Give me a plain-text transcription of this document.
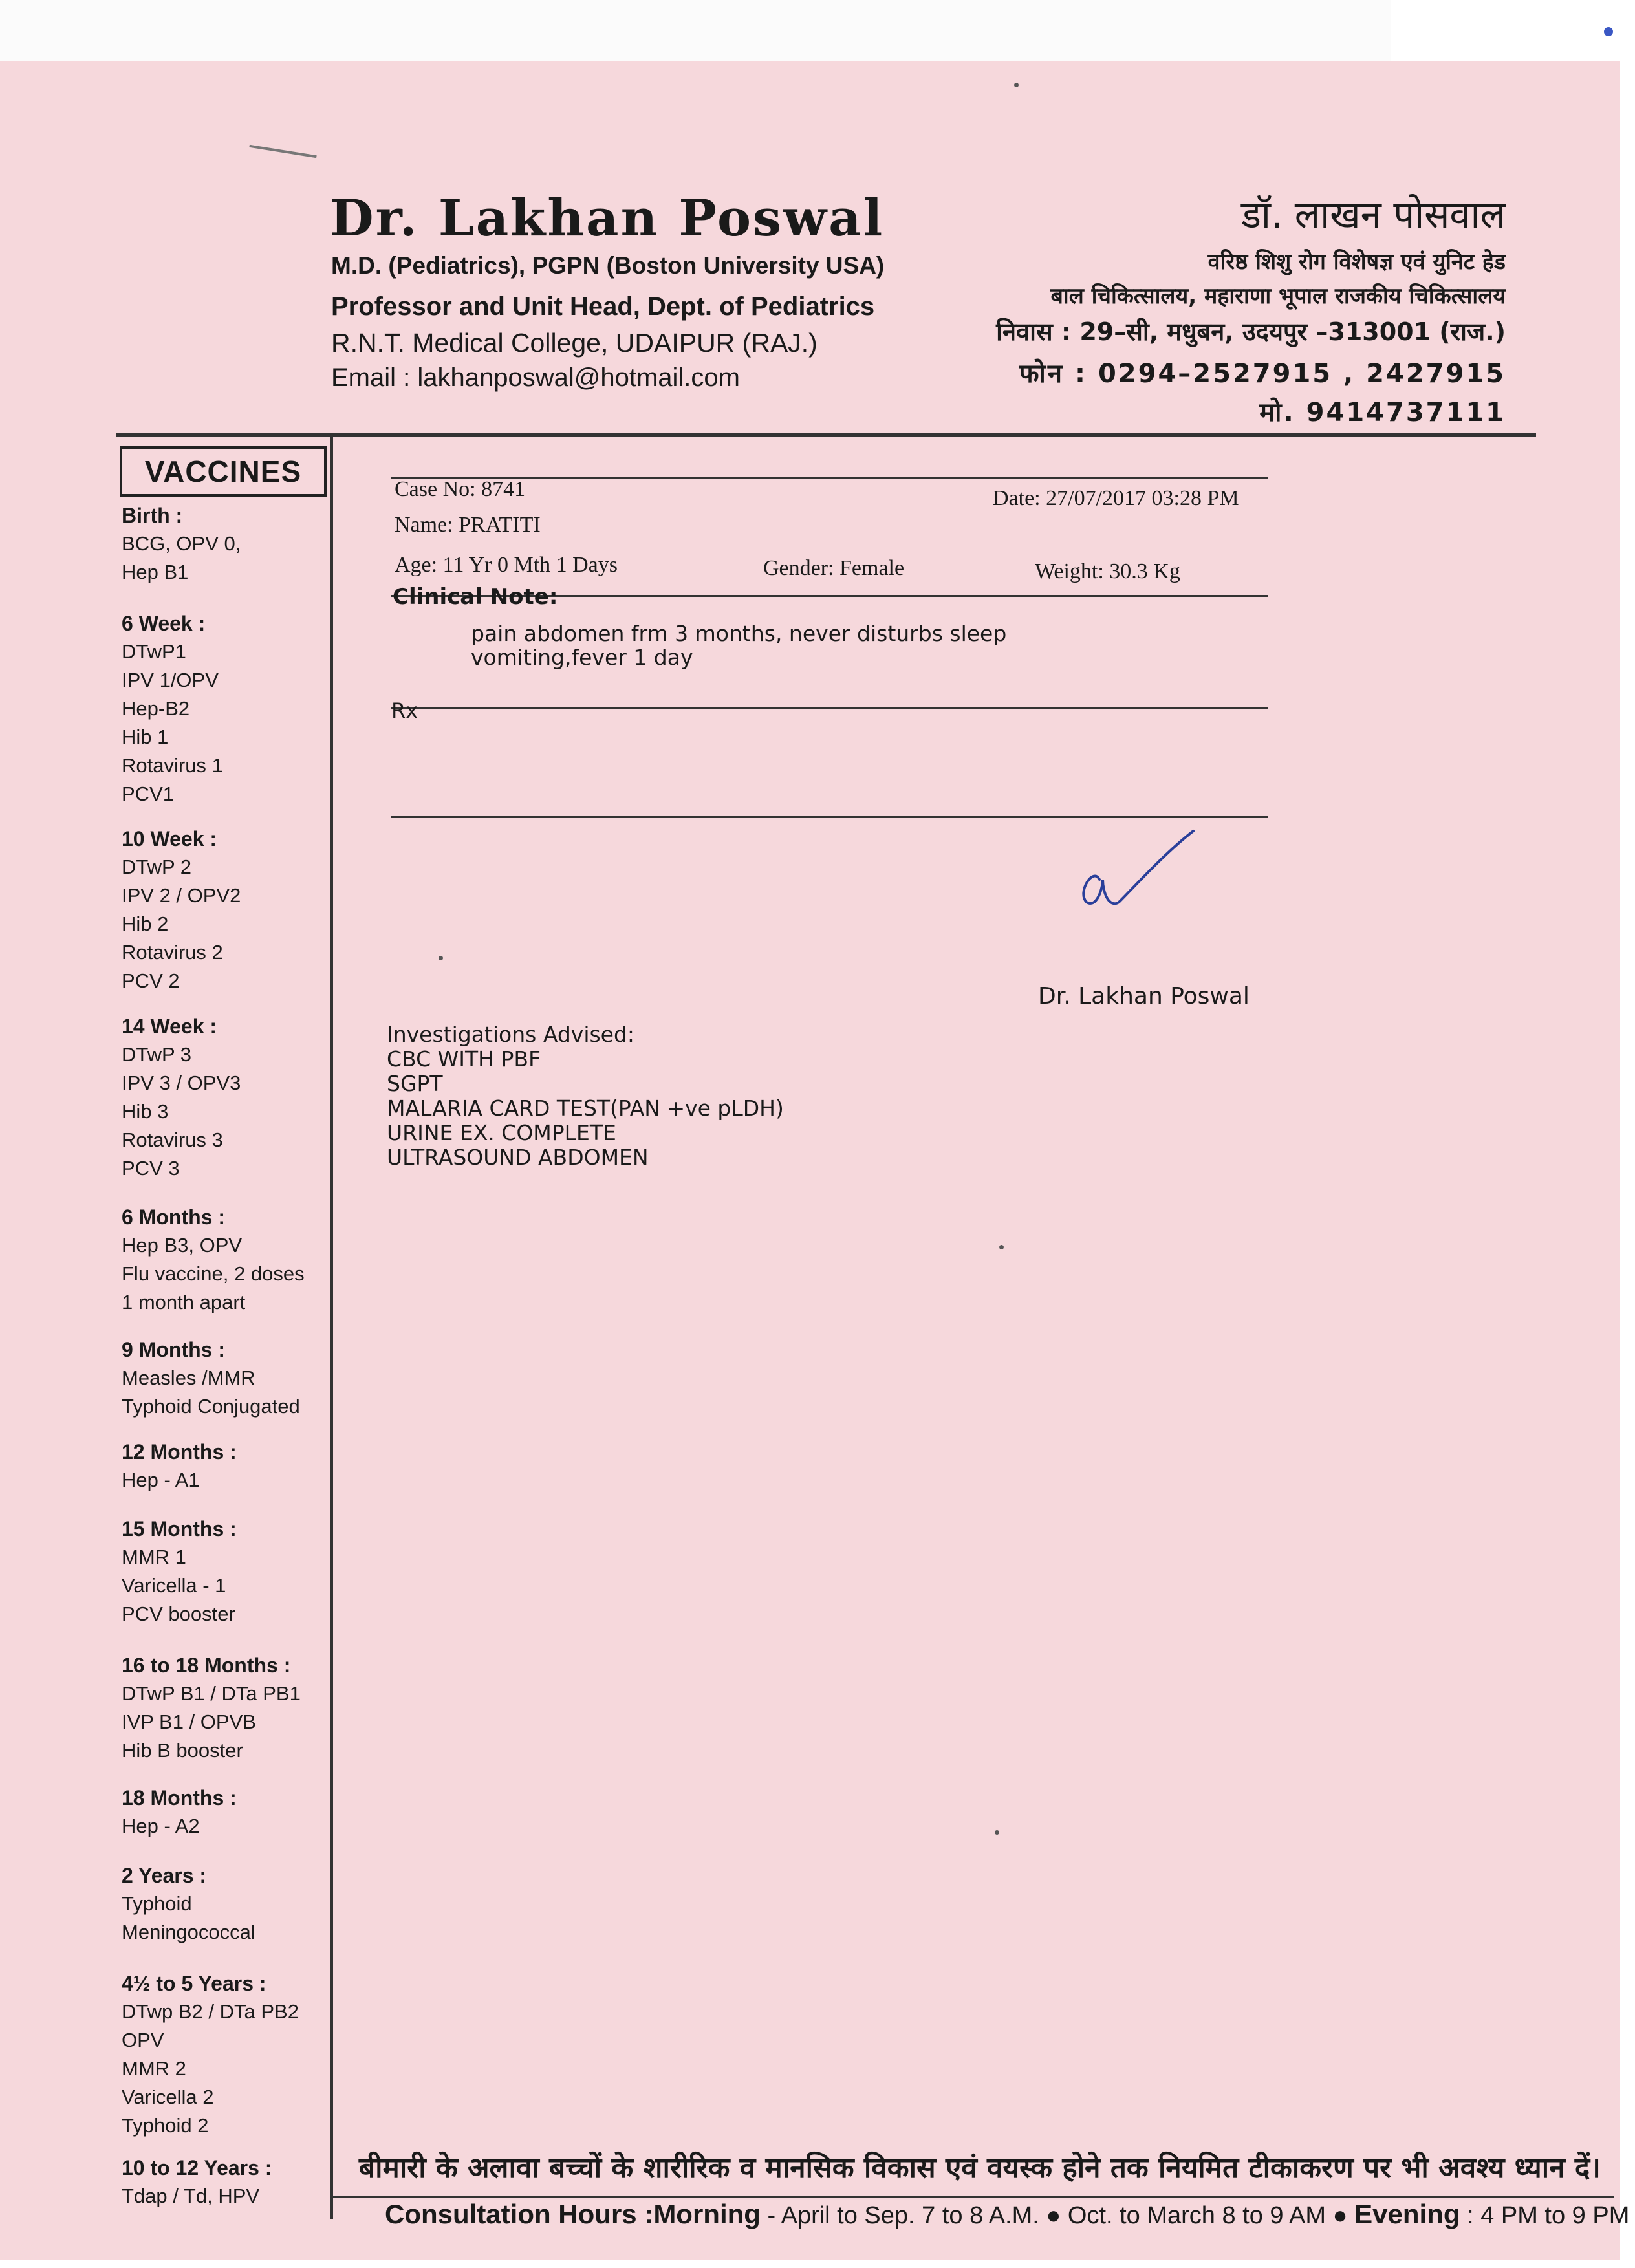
Dr. Lakhan Poswal
M.D. (Pediatrics), PGPN (Boston University USA)
Professor and Unit Head, Dept. of Pediatrics
R.N.T. Medical College, UDAIPUR (RAJ.)
Email : lakhanposwal@hotmail.com
डॉ. लाखन पोसवाल
वरिष्ठ शिशु रोग विशेषज्ञ एवं युनिट हेड
बाल चिकित्सालय, महाराणा भूपाल राजकीय चिकित्सालय
निवास : 29–सी, मधुबन, उदयपुर –313001 (राज.)
फोन : 0294–2527915 , 2427915
मो. 9414737111
VACCINES
Birth :
BCG, OPV 0,
Hep B1
6 Week :
DTwP1
IPV 1/OPV
Hep-B2
Hib 1
Rotavirus 1
PCV1
10 Week :
DTwP 2
IPV 2 / OPV2
Hib 2
Rotavirus 2
PCV 2
14 Week :
DTwP 3
IPV 3 / OPV3
Hib 3
Rotavirus 3
PCV 3
6 Months :
Hep B3, OPV
Flu vaccine, 2 doses
1 month apart
9 Months :
Measles /MMR
Typhoid Conjugated
12 Months :
Hep - A1
15 Months :
MMR 1
Varicella - 1
PCV booster
16 to 18 Months :
DTwP B1 / DTa PB1
IVP B1 / OPVB
Hib B booster
18 Months :
Hep - A2
2 Years :
Typhoid
Meningococcal
4½ to 5 Years :
DTwp B2 / DTa PB2
OPV
MMR 2
Varicella 2
Typhoid 2
10 to 12 Years :
Tdap / Td, HPV
Case No: 8741	Date: 27/07/2017 03:28 PM
Name: PRATITI
Age: 11 Yr 0 Mth 1 Days	Gender: Female	Weight: 30.3 Kg
Clinical Note:
pain abdomen frm 3 months, never disturbs sleep
vomiting,fever 1 day
Rx
Dr. Lakhan Poswal
Investigations Advised:
CBC WITH PBF
SGPT
MALARIA CARD TEST(PAN +ve pLDH)
URINE EX. COMPLETE
ULTRASOUND ABDOMEN
बीमारी के अलावा बच्चों के शारीरिक व मानसिक विकास एवं वयस्क होने तक नियमित टीकाकरण पर भी अवश्य ध्यान दें।
Consultation Hours :Morning - April to Sep. 7 to 8 A.M. ● Oct. to March 8 to 9 AM ● Evening : 4 PM to 9 PM
